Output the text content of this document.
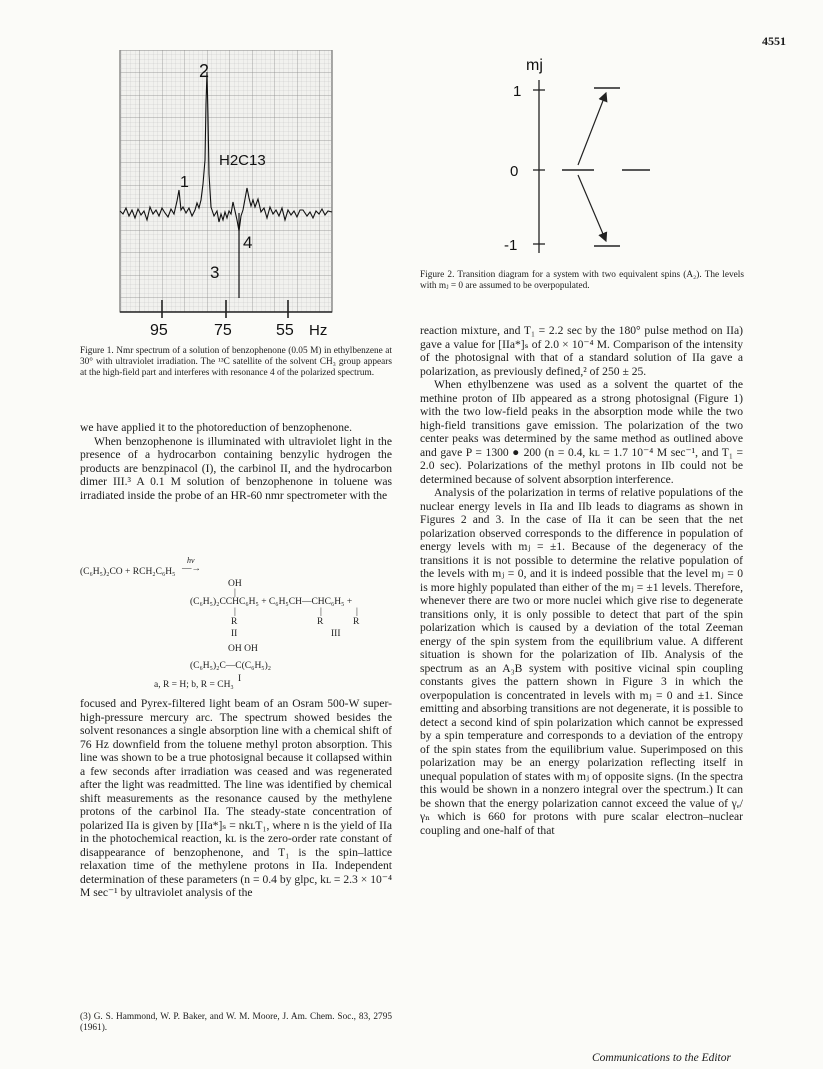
4551
2
H2C13
1
4
3
95	75	55 Hz
Figure 1. Nmr spectrum of a solution of benzophenone (0.05 M) in ethylbenzene at 30° with ultraviolet irradiation. The ¹³C satellite of the solvent CH₃ group appears at the high-field part and interferes with resonance 4 of the polarized spectrum.
mj
1
0
-1
Figure 2. Transition diagram for a system with two equivalent spins (A₂). The levels with mⱼ = 0 are assumed to be overpopulated.

we have applied it to the photoreduction of benzophenone.

When benzophenone is illuminated with ultraviolet light in the presence of a hydrocarbon containing benzylic hydrogen the products are benzpinacol (I), the carbinol II, and the hydrocarbon dimer III.³ A 0.1 M solution of benzophenone in toluene was irradiated inside the probe of an HR-60 nmr spectrometer with the

hν
(C₆H₅)₂CO + RCH₂C₆H₅ —→
OH
|
(C₆H₅)₂CCHC₆H₅ + C₆H₅CH—CHC₆H₅ +
|	|	|
R	R	R
II	III
OH OH
(C₆H₅)₂C—C(C₆H₅)₂
I
a, R = H; b, R = CH₃

focused and Pyrex-filtered light beam of an Osram 500-W super-high-pressure mercury arc. The spectrum showed besides the solvent resonances a single absorption line with a chemical shift of 76 Hz downfield from the toluene methyl proton absorption. This line was shown to be a true photosignal because it collapsed within a few seconds after irradiation was ceased and was regenerated after the light was readmitted. The line was identified by chemical shift measurements as the resonance caused by the methylene protons of the carbinol IIa. The steady-state concentration of polarized IIa is given by [IIa*]ₛ = nkʟT₁, where n is the yield of IIa in the photochemical reaction, kʟ is the zero-order rate constant of disappearance of benzophenone, and T₁ is the spin–lattice relaxation time of the methylene protons in IIa. Independent determination of these parameters (n = 0.4 by glpc, kʟ = 2.3 × 10⁻⁴ M sec⁻¹ by ultraviolet analysis of the

(3) G. S. Hammond, W. P. Baker, and W. M. Moore, J. Am. Chem. Soc., 83, 2795 (1961).

reaction mixture, and T₁ = 2.2 sec by the 180° pulse method on IIa) gave a value for [IIa*]ₛ of 2.0 × 10⁻⁴ M. Comparison of the intensity of the photosignal with that of a standard solution of IIa gave a polarization, as previously defined,² of 250 ± 25.

When ethylbenzene was used as a solvent the quartet of the methine proton of IIb appeared as a strong photosignal (Figure 1) with the two low-field peaks in the absorption mode while the two high-field transitions gave emission. The polarization of the two center peaks was determined by the same method as outlined above and gave P = 1300 ● 200 (n = 0.4, kʟ = 1.7 10⁻⁴ M sec⁻¹, and T₁ = 2.0 sec). Polarizations of the methyl protons in IIb could not be determined because of solvent absorption interference.

Analysis of the polarization in terms of relative populations of the nuclear energy levels in IIa and IIb leads to diagrams as shown in Figures 2 and 3. In the case of IIa it can be seen that the net polarization observed corresponds to the difference in population of energy levels with mⱼ = ±1. Because of the degeneracy of the transitions it is not possible to determine the relative population of the levels with mⱼ = 0, and it is indeed possible that the level mⱼ = 0 is more highly populated than either of the mⱼ = ±1 levels. Therefore, whenever there are two or more nuclei which give rise to degenerate transitions only, it is only possible to detect that part of the spin polarization which is caused by a deviation of the total Zeeman energy of the spin system from the equilibrium value. A different situation is shown for the polarization of IIb. Analysis of the spectrum as an A₃B system with positive vicinal spin coupling constants gives the pattern shown in Figure 3 in which the overpopulation is concentrated in levels with mⱼ = 0 and ±1. Since emitting and absorbing transitions are not degenerate, it is possible to detect a second kind of spin polarization which cannot be expressed by a spin temperature and corresponds to a deviation of the entropy of the spin states from the equilibrium value. Superimposed on this polarization may be an energy polarization reflecting itself in unequal population of states with mⱼ of opposite signs. (In the spectra this would be shown in a nonzero integral over the spectrum.) It can be shown that the energy polarization cannot exceed the value of γₑ/γₙ which is 660 for protons with pure scalar electron–nuclear coupling and one-half of that

Communications to the Editor
